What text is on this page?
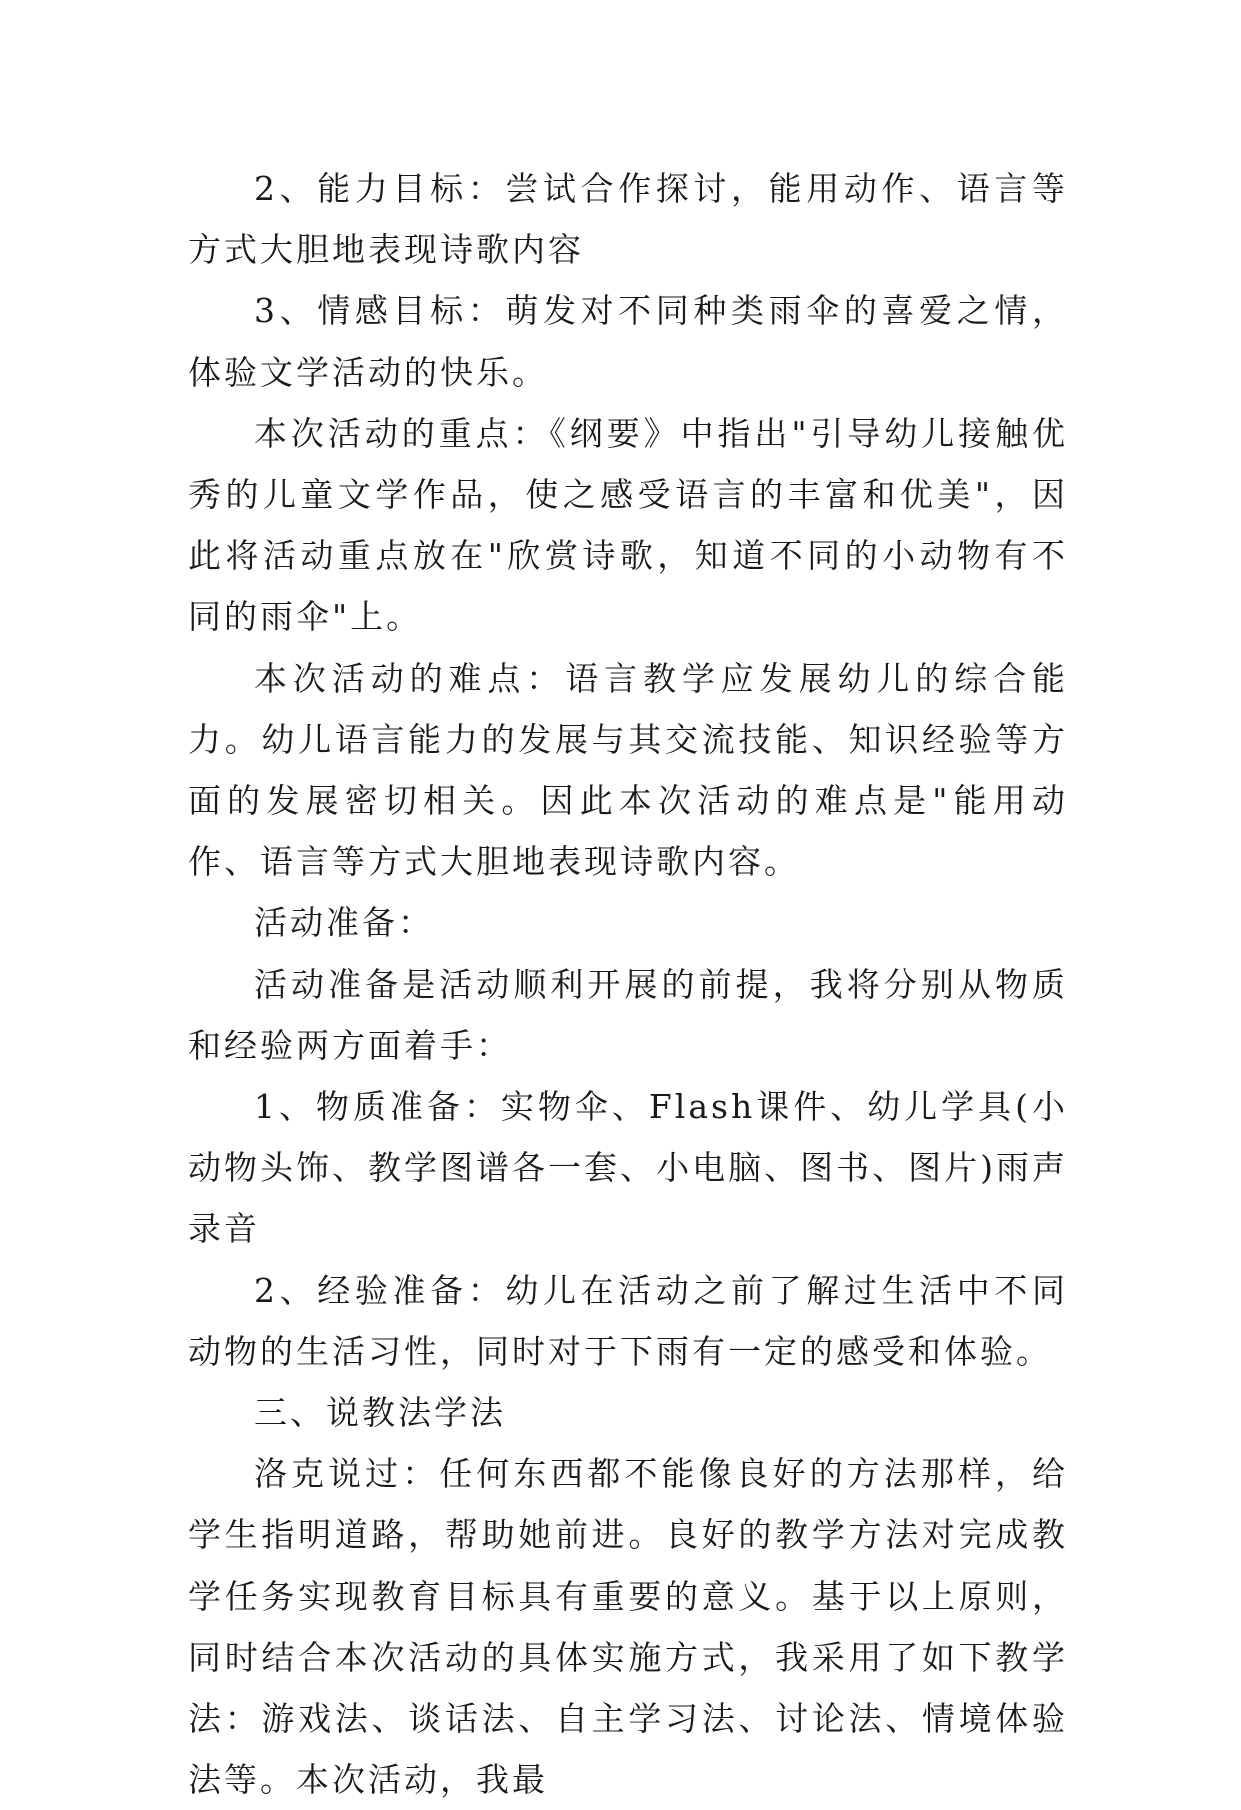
2、能力目标：尝试合作探讨，能用动作、语言等方式大胆地表现诗歌内容

3、情感目标：萌发对不同种类雨伞的喜爱之情，体验文学活动的快乐。

本次活动的重点：《纲要》中指出"引导幼儿接触优秀的儿童文学作品，使之感受语言的丰富和优美"，因此将活动重点放在"欣赏诗歌，知道不同的小动物有不同的雨伞"上。

本次活动的难点：语言教学应发展幼儿的综合能力。幼儿语言能力的发展与其交流技能、知识经验等方面的发展密切相关。因此本次活动的难点是"能用动作、语言等方式大胆地表现诗歌内容。

活动准备：

活动准备是活动顺利开展的前提，我将分别从物质和经验两方面着手：

1、物质准备：实物伞、Flash课件、幼儿学具(小动物头饰、教学图谱各一套、小电脑、图书、图片)雨声录音

2、经验准备：幼儿在活动之前了解过生活中不同动物的生活习性，同时对于下雨有一定的感受和体验。

三、说教法学法

洛克说过：任何东西都不能像良好的方法那样，给学生指明道路，帮助她前进。良好的教学方法对完成教学任务实现教育目标具有重要的意义。基于以上原则，同时结合本次活动的具体实施方式，我采用了如下教学法：游戏法、谈话法、自主学习法、讨论法、情境体验法等。本次活动，我最
